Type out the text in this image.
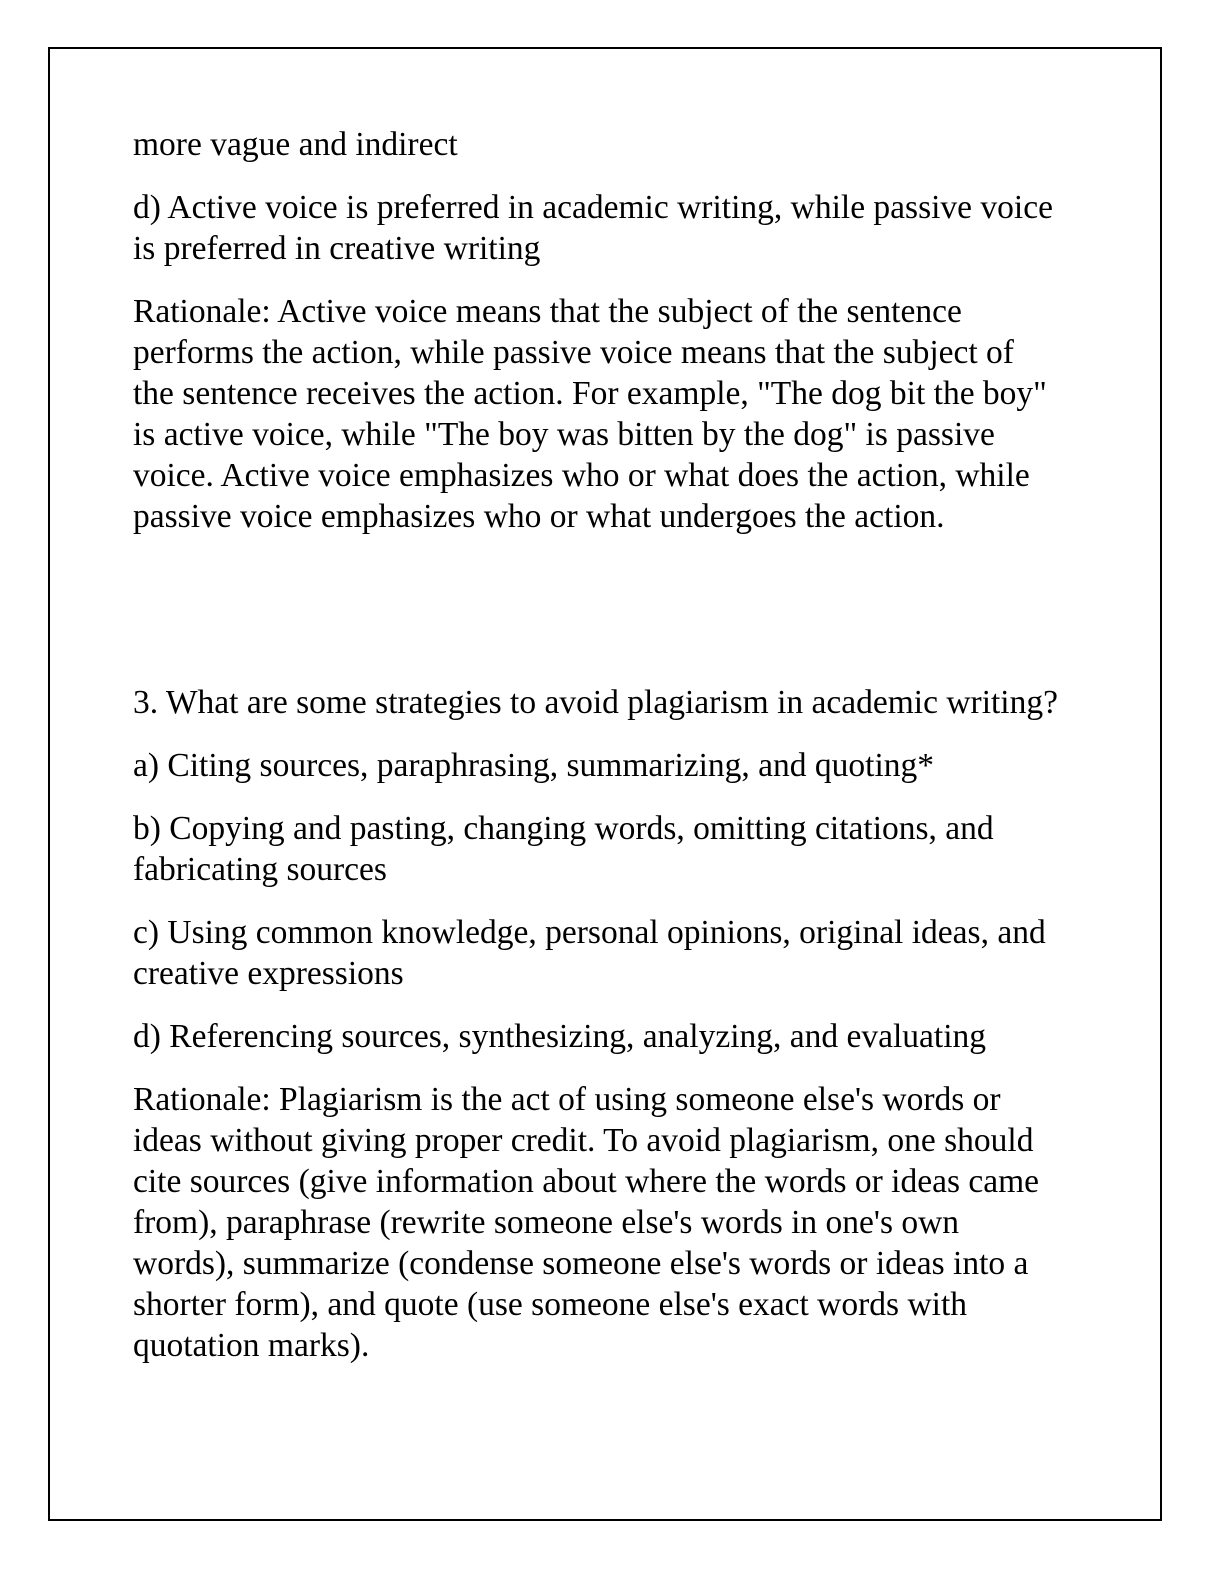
more vague and indirect

d) Active voice is preferred in academic writing, while passive voice is preferred in creative writing

Rationale: Active voice means that the subject of the sentence performs the action, while passive voice means that the subject of the sentence receives the action. For example, "The dog bit the boy" is active voice, while "The boy was bitten by the dog" is passive voice. Active voice emphasizes who or what does the action, while passive voice emphasizes who or what undergoes the action.

3. What are some strategies to avoid plagiarism in academic writing?

a) Citing sources, paraphrasing, summarizing, and quoting*

b) Copying and pasting, changing words, omitting citations, and fabricating sources

c) Using common knowledge, personal opinions, original ideas, and creative expressions

d) Referencing sources, synthesizing, analyzing, and evaluating

Rationale: Plagiarism is the act of using someone else's words or ideas without giving proper credit. To avoid plagiarism, one should cite sources (give information about where the words or ideas came from), paraphrase (rewrite someone else's words in one's own words), summarize (condense someone else's words or ideas into a shorter form), and quote (use someone else's exact words with quotation marks).
